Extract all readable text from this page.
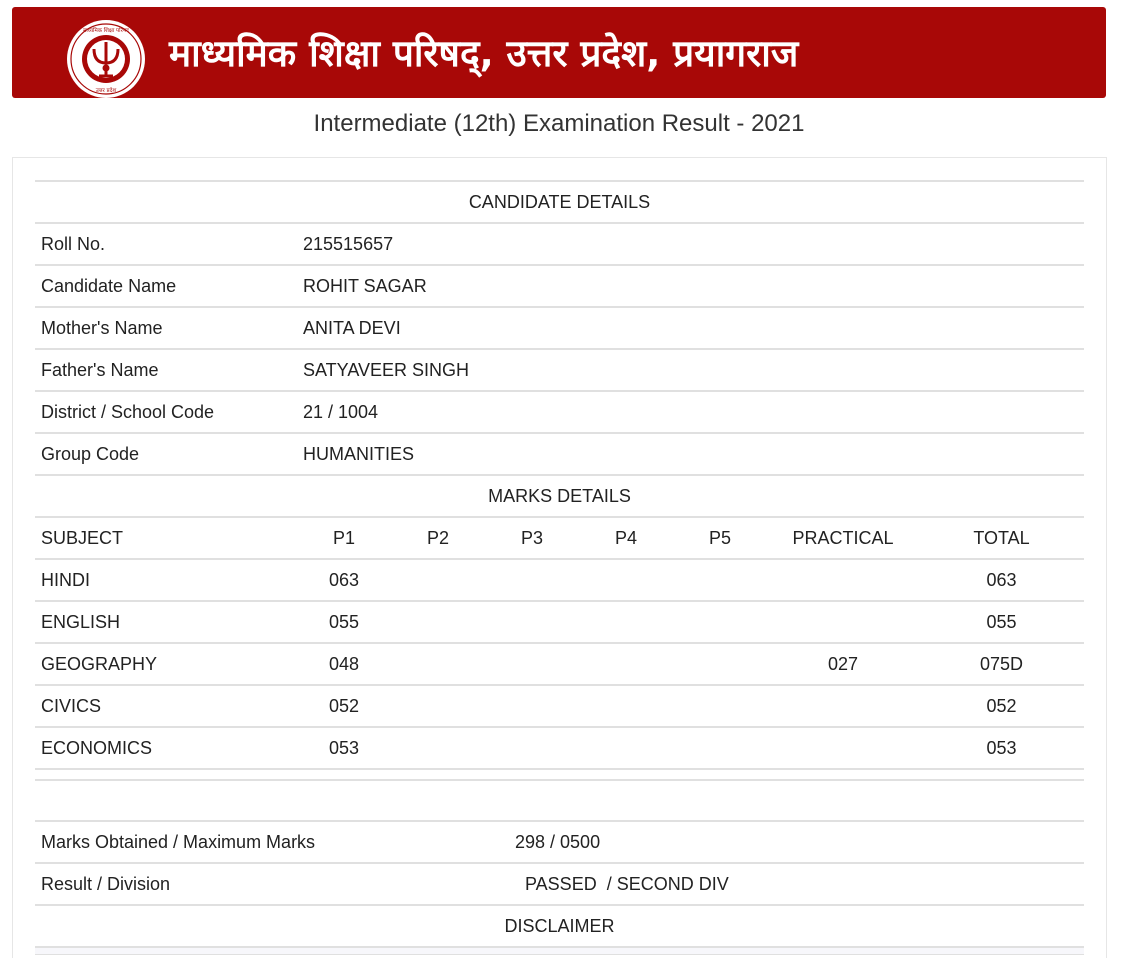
माध्यमिक शिक्षा परिषद
उत्तर प्रदेश
माध्यमिक शिक्षा परिषद्, उत्तर प्रदेश, प्रयागराज
Intermediate (12th) Examination Result - 2021
CANDIDATE DETAILS							
Roll No.	215515657						
Candidate Name	ROHIT SAGAR						
Mother's Name	ANITA DEVI						
Father's Name	SATYAVEER SINGH						
District / School Code	21 / 1004						
Group Code	HUMANITIES						
MARKS DETAILS							
SUBJECT	P1	P2	P3	P4	P5	PRACTICAL	TOTAL
HINDI	063						063
ENGLISH	055						055
GEOGRAPHY	048					027	075D
CIVICS	052						052
ECONOMICS	053						053

Marks Obtained / Maximum Marks			298 / 0500				
Result / Division			PASSED  / SECOND DIV				
DISCLAIMER							
